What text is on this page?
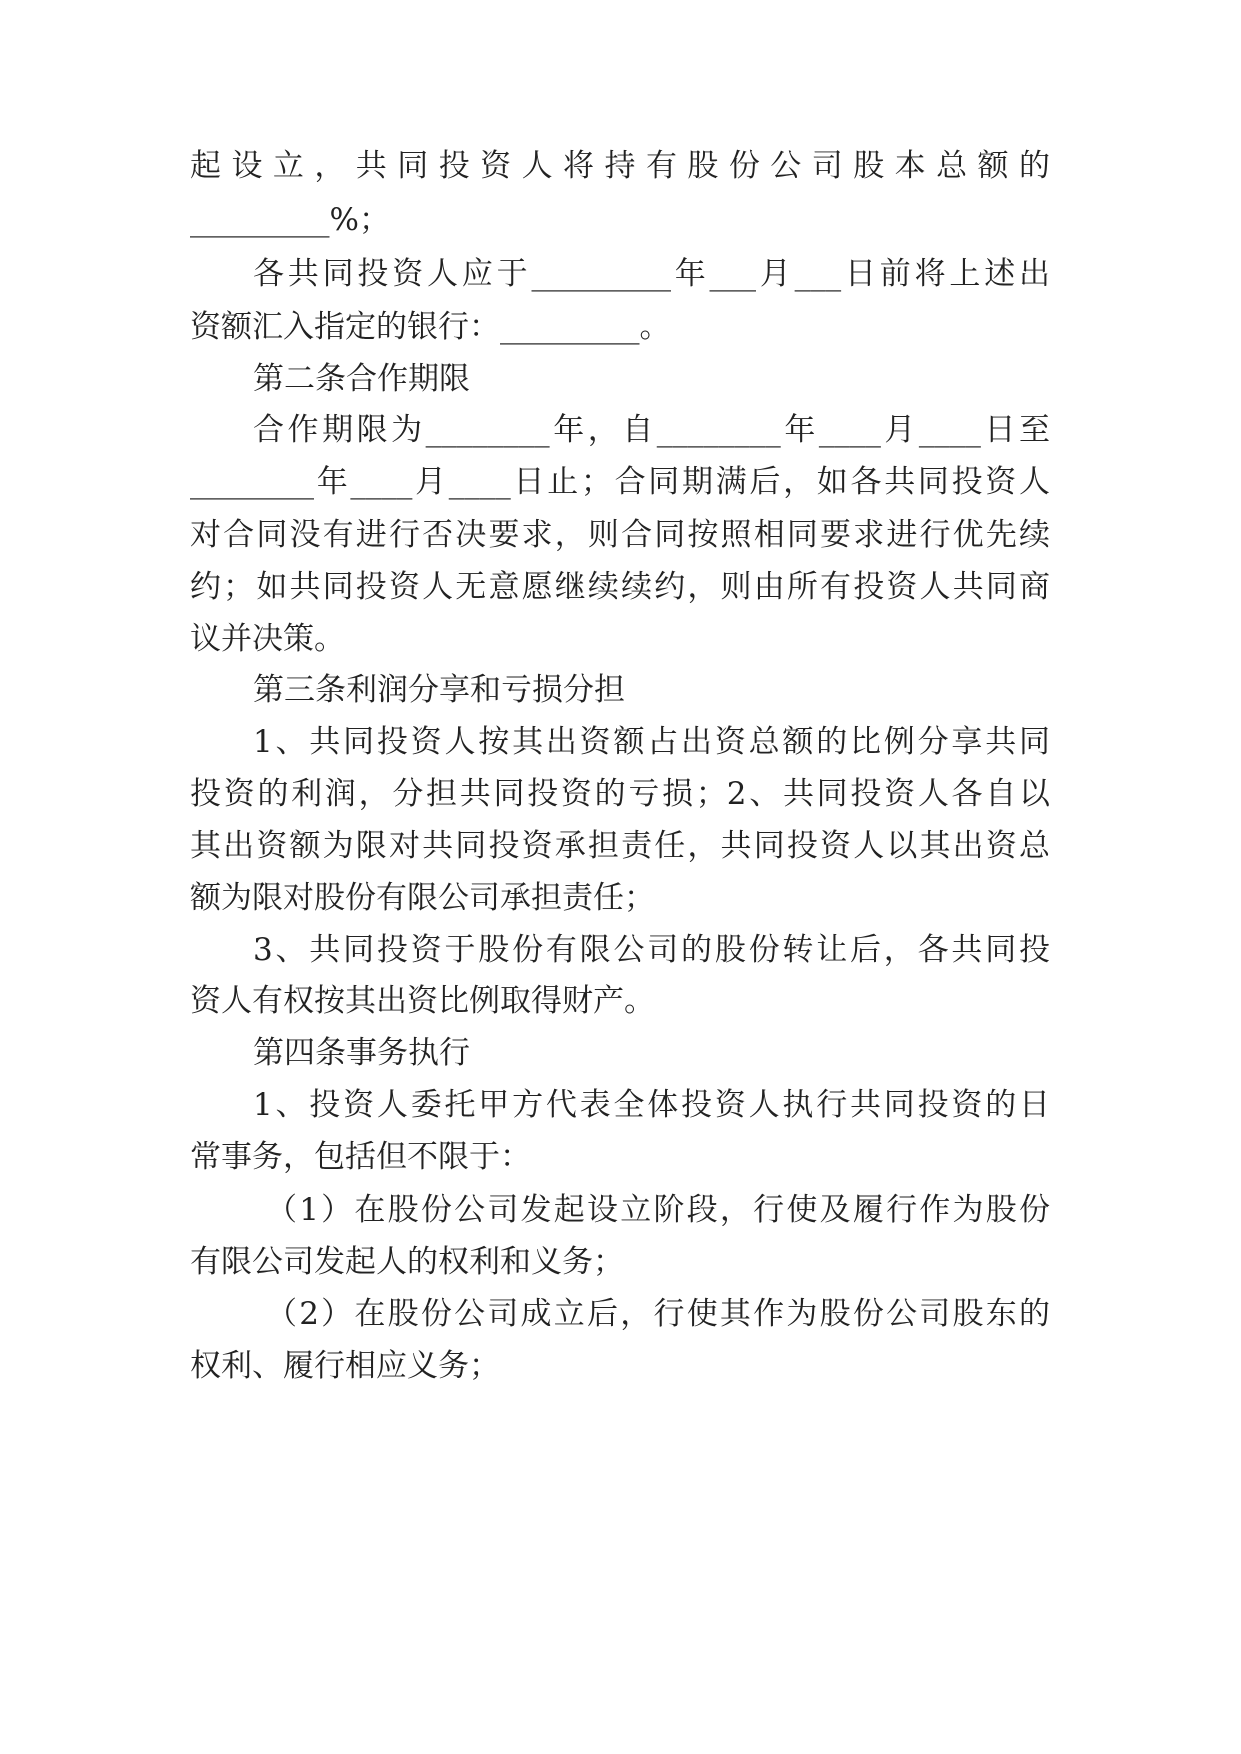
起设立，共同投资人将持有股份公司股本总额的
_________%；
各共同投资人应于_________年___月___日前将上述出
资额汇入指定的银行：_________。
第二条合作期限
合作期限为________年，自________年____月____日至
________年____月____日止；合同期满后，如各共同投资人
对合同没有进行否决要求，则合同按照相同要求进行优先续
约；如共同投资人无意愿继续续约，则由所有投资人共同商
议并决策。
第三条利润分享和亏损分担
1、共同投资人按其出资额占出资总额的比例分享共同
投资的利润，分担共同投资的亏损；2、共同投资人各自以
其出资额为限对共同投资承担责任，共同投资人以其出资总
额为限对股份有限公司承担责任；
3、共同投资于股份有限公司的股份转让后，各共同投
资人有权按其出资比例取得财产。
第四条事务执行
1、投资人委托甲方代表全体投资人执行共同投资的日
常事务，包括但不限于：
（1）在股份公司发起设立阶段，行使及履行作为股份
有限公司发起人的权利和义务；
（2）在股份公司成立后，行使其作为股份公司股东的
权利、履行相应义务；
